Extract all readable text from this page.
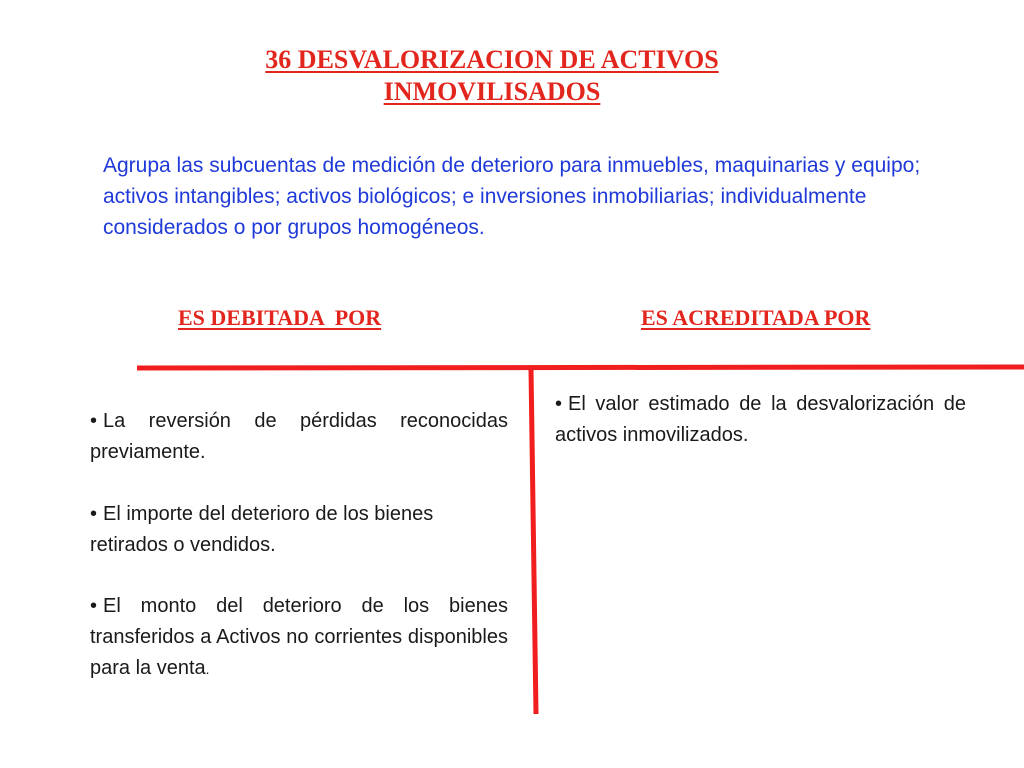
36 DESVALORIZACION DE ACTIVOS
INMOVILISADOS
Agrupa las subcuentas de medición de deterioro para inmuebles, maquinarias y equipo; activos intangibles; activos biológicos; e inversiones inmobiliarias; individualmente considerados o por grupos homogéneos.
ES DEBITADA  POR	ES ACREDITADA POR

• La reversión de pérdidas reconocidas previamente.

• El importe del deterioro de los bienes retirados o vendidos.

• El monto del deterioro de los bienes transferidos a Activos no corrientes disponibles para la venta.

• El valor estimado de la desvalorización de activos inmovilizados.
